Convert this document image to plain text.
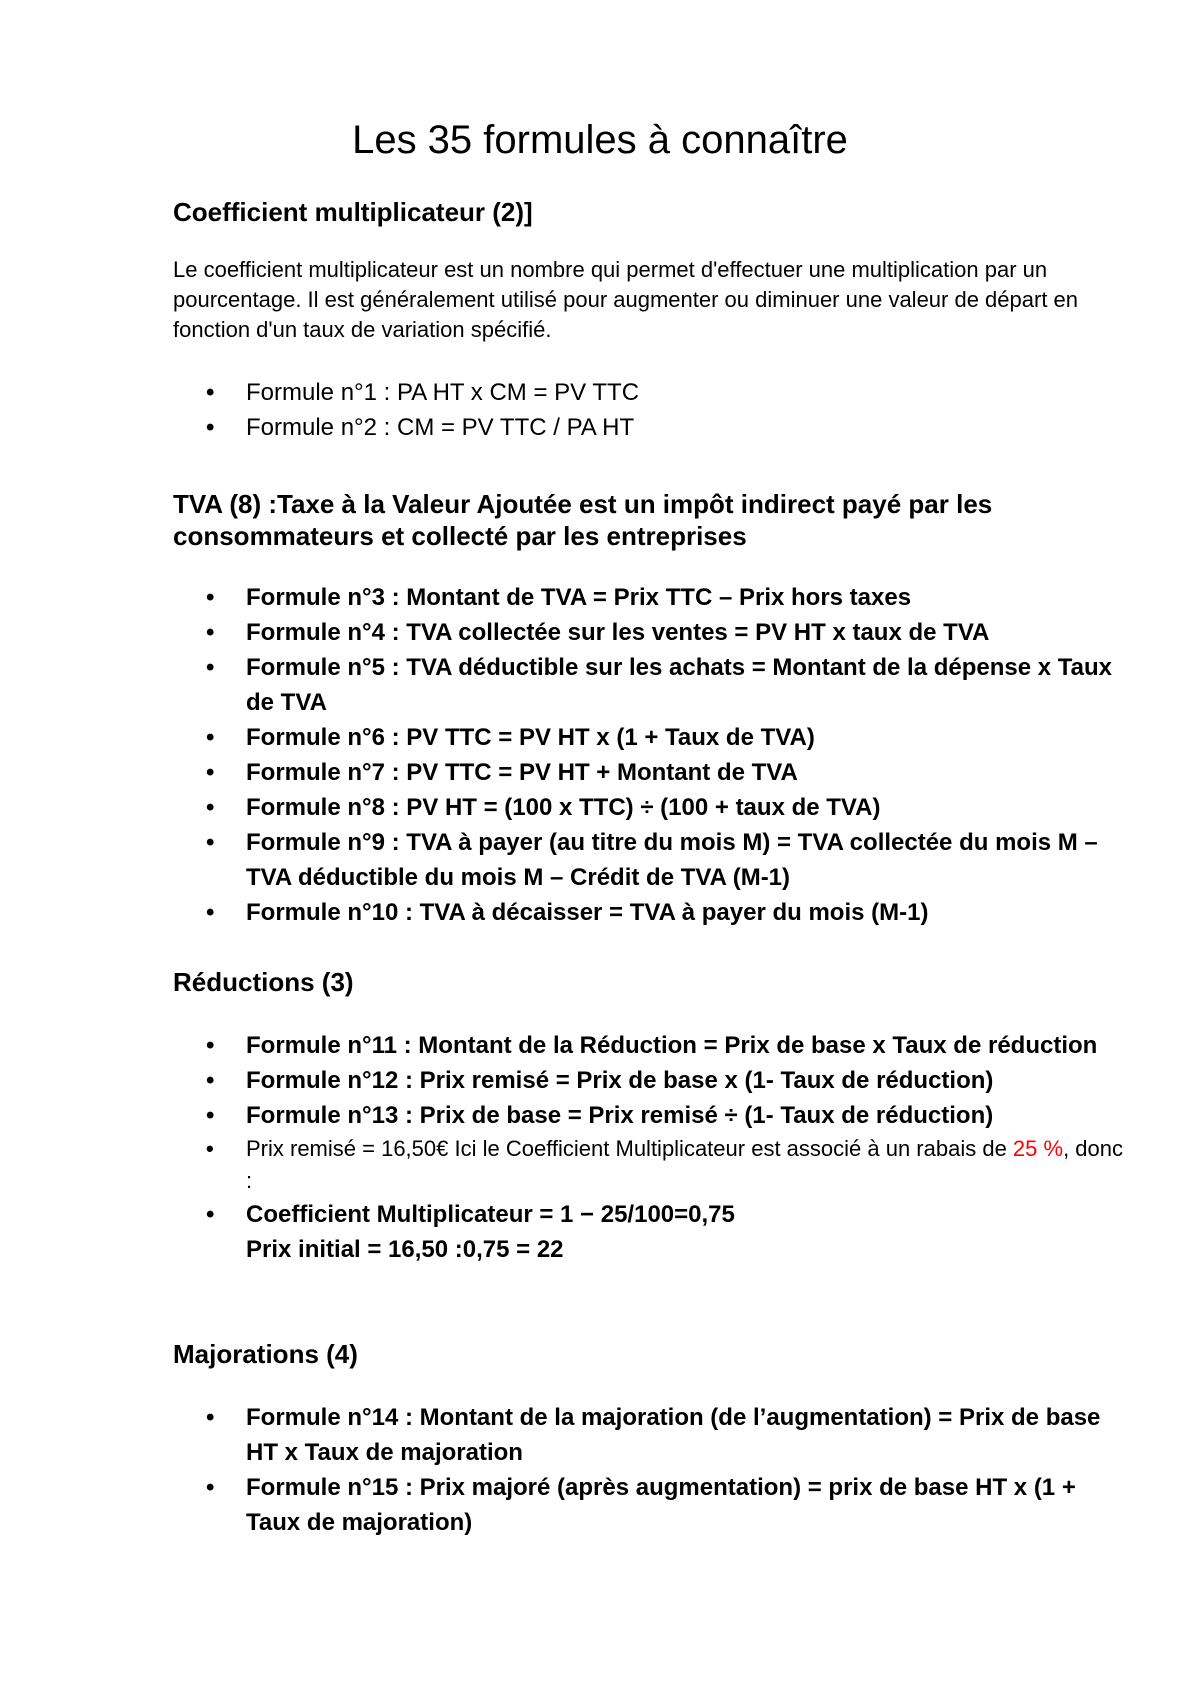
Les 35 formules à connaître
Coefficient multiplicateur (2)]

Le coefficient multiplicateur est un nombre qui permet d'effectuer une multiplication par un pourcentage. Il est généralement utilisé pour augmenter ou diminuer une valeur de départ en fonction d'un taux de variation spécifié.

• Formule n°1 : PA HT x CM = PV TTC
• Formule n°2 : CM = PV TTC / PA HT
TVA (8) :Taxe à la Valeur Ajoutée est un impôt indirect payé par les consommateurs et collecté par les entreprises
• Formule n°3 : Montant de TVA = Prix TTC – Prix hors taxes
• Formule n°4 : TVA collectée sur les ventes = PV HT x taux de TVA
• Formule n°5 : TVA déductible sur les achats = Montant de la dépense x Taux de TVA
• Formule n°6 : PV TTC = PV HT x (1 + Taux de TVA)
• Formule n°7 : PV TTC = PV HT + Montant de TVA
• Formule n°8 : PV HT = (100 x TTC) ÷ (100 + taux de TVA)
• Formule n°9 : TVA à payer (au titre du mois M) = TVA collectée du mois M – TVA déductible du mois M – Crédit de TVA (M-1)
• Formule n°10 : TVA à décaisser = TVA à payer du mois (M-1)
Réductions (3)
• Formule n°11 : Montant de la Réduction = Prix de base x Taux de réduction
• Formule n°12 : Prix remisé = Prix de base x (1- Taux de réduction)
• Formule n°13 : Prix de base = Prix remisé ÷ (1- Taux de réduction)
• Prix remisé = 16,50€ Ici le Coefficient Multiplicateur est associé à un rabais de 25 %, donc :
• Coefficient Multiplicateur = 1 − 25/100=0,75
Prix initial = 16,50 :0,75 = 22
Majorations (4)
• Formule n°14 : Montant de la majoration (de l’augmentation) = Prix de base HT x Taux de majoration
• Formule n°15 : Prix majoré (après augmentation) = prix de base HT x (1 + Taux de majoration)
